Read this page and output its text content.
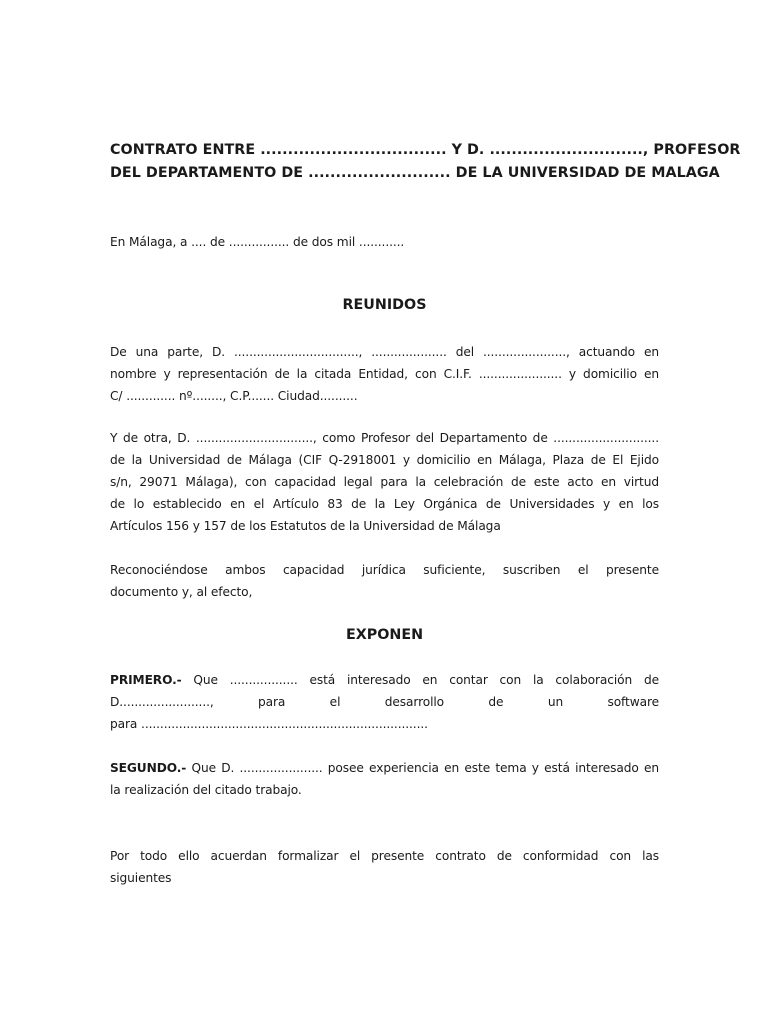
CONTRATO ENTRE .................................. Y D. ............................, PROFESOR
DEL DEPARTAMENTO DE .......................... DE LA UNIVERSIDAD DE MALAGA

En Málaga, a .... de ................ de dos mil ............

REUNIDOS

De una parte, D. ................................., .................... del ......................, actuando en
nombre y representación de la citada Entidad, con C.I.F. ...................... y domicilio en
C/ ............. nº........, C.P....... Ciudad..........

Y de otra, D. ..............................., como Profesor del Departamento de ............................
de la Universidad de Málaga (CIF Q-2918001 y domicilio en Málaga, Plaza de El Ejido
s/n, 29071 Málaga), con capacidad legal para la celebración de este acto en virtud
de lo establecido en el Artículo 83 de la Ley Orgánica de Universidades y en los
Artículos 156 y 157 de los Estatutos de la Universidad de Málaga

Reconociéndose ambos capacidad jurídica suficiente, suscriben el presente
documento y, al efecto,

EXPONEN

PRIMERO.- Que .................. está interesado en contar con la colaboración de
D........................, para el desarrollo de un software
para ............................................................................

SEGUNDO.- Que D. ...................... posee experiencia en este tema y está interesado en
la realización del citado trabajo.

Por todo ello acuerdan formalizar el presente contrato de conformidad con las
siguientes
